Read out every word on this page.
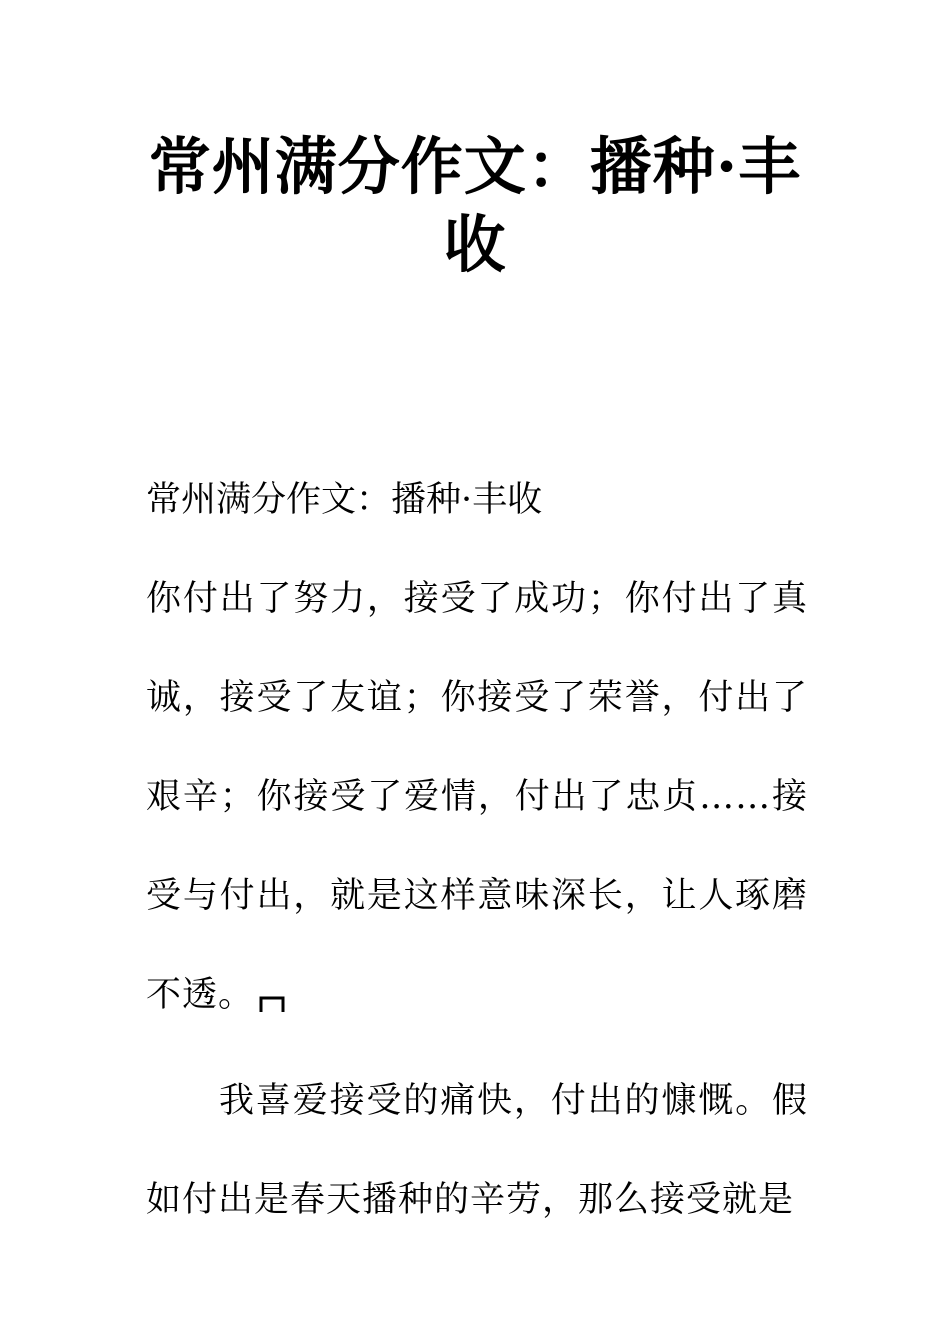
常州满分作文：播种·丰收

常州满分作文：播种·丰收

你付出了努力，接受了成功；你付出了真诚，接受了友谊；你接受了荣誉，付出了艰辛；你接受了爱情，付出了忠贞……接受与付出，就是这样意味深长，让人琢磨不透。

我喜爱接受的痛快，付出的慷慨。假如付出是春天播种的辛劳，那么接受就是
